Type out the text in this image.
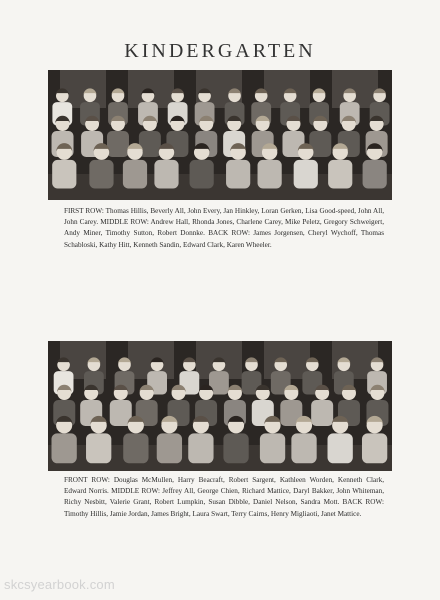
KINDERGARTEN

FIRST ROW: Thomas Hillis, Beverly All, John Every, Jan Hinkley, Loran Gerken, Lisa Good-speed, John All, John Carey. MIDDLE ROW: Andrew Hall, Rhonda Jones, Charlene Carey, Mike Peletz, Gregory Schweigert, Andy Miner, Timothy Sutton, Robert Donnke. BACK ROW: James Jorgensen, Cheryl Wychoff, Thomas Schabloski, Kathy Hitt, Kenneth Sandin, Edward Clark, Karen Wheeler.

FRONT ROW: Douglas McMullen, Harry Beacraft, Robert Sargent, Kathleen Worden, Kenneth Clark, Edward Norris. MIDDLE ROW: Jeffrey All, George Chien, Richard Mattice, Daryl Bakker, John Whiteman, Richy Nesbitt, Valerie Grant, Robert Lumpkin, Susan Dibble, Daniel Nelson, Sandra Mott. BACK ROW: Timothy Hillis, Jamie Jordan, James Bright, Laura Swart, Terry Cairns, Henry Migliaoti, Janet Mattice.

skcsyearbook.com
